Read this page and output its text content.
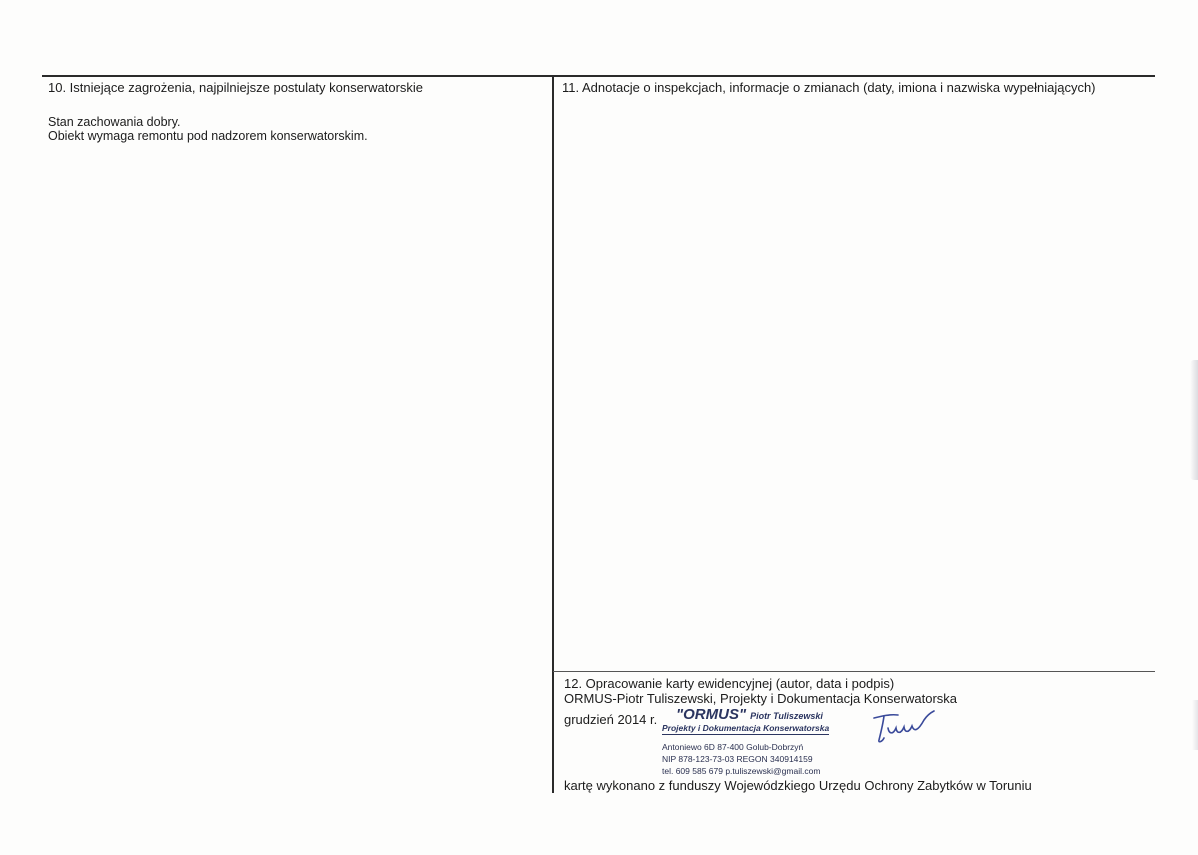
10. Istniejące zagrożenia, najpilniejsze postulaty konserwatorskie
Stan zachowania dobry.
Obiekt wymaga remontu pod nadzorem konserwatorskim.
11. Adnotacje o inspekcjach, informacje o zmianach (daty, imiona i nazwiska wypełniających)
12. Opracowanie karty ewidencyjnej (autor, data i podpis)
ORMUS-Piotr Tuliszewski, Projekty i Dokumentacja Konserwatorska
grudzień 2014 r. "ORMUS" Piotr Tuliszewski
Projekty i Dokumentacja Konserwatorska
Antoniewo 6D 87-400 Golub-Dobrzyń
NIP 878-123-73-03 REGON 340914159
tel. 609 585 679 p.tuliszewski@gmail.com
kartę wykonano z funduszy Wojewódzkiego Urzędu Ochrony Zabytków w Toruniu
